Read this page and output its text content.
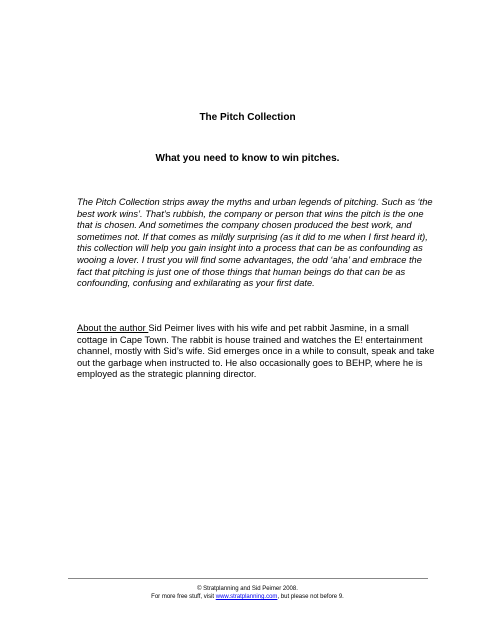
The Pitch Collection

What you need to know to win pitches.

The Pitch Collection strips away the myths and urban legends of pitching. Such as ‘the best work wins’. That’s rubbish, the company or person that wins the pitch is the one that is chosen. And sometimes the company chosen produced the best work, and sometimes not. If that comes as mildly surprising (as it did to me when I first heard it), this collection will help you gain insight into a process that can be as confounding as wooing a lover. I trust you will find some advantages, the odd ‘aha’ and embrace the fact that pitching is just one of those things that human beings do that can be as confounding, confusing and exhilarating as your first date.

About the author Sid Peimer lives with his wife and pet rabbit Jasmine, in a small cottage in Cape Town. The rabbit is house trained and watches the E! entertainment channel, mostly with Sid’s wife. Sid emerges once in a while to consult, speak and take out the garbage when instructed to. He also occasionally goes to BEHP, where he is employed as the strategic planning director.

© Stratplanning and Sid Peimer 2008.

For more free stuff, visit www.stratplanning.com, but please not before 9.
